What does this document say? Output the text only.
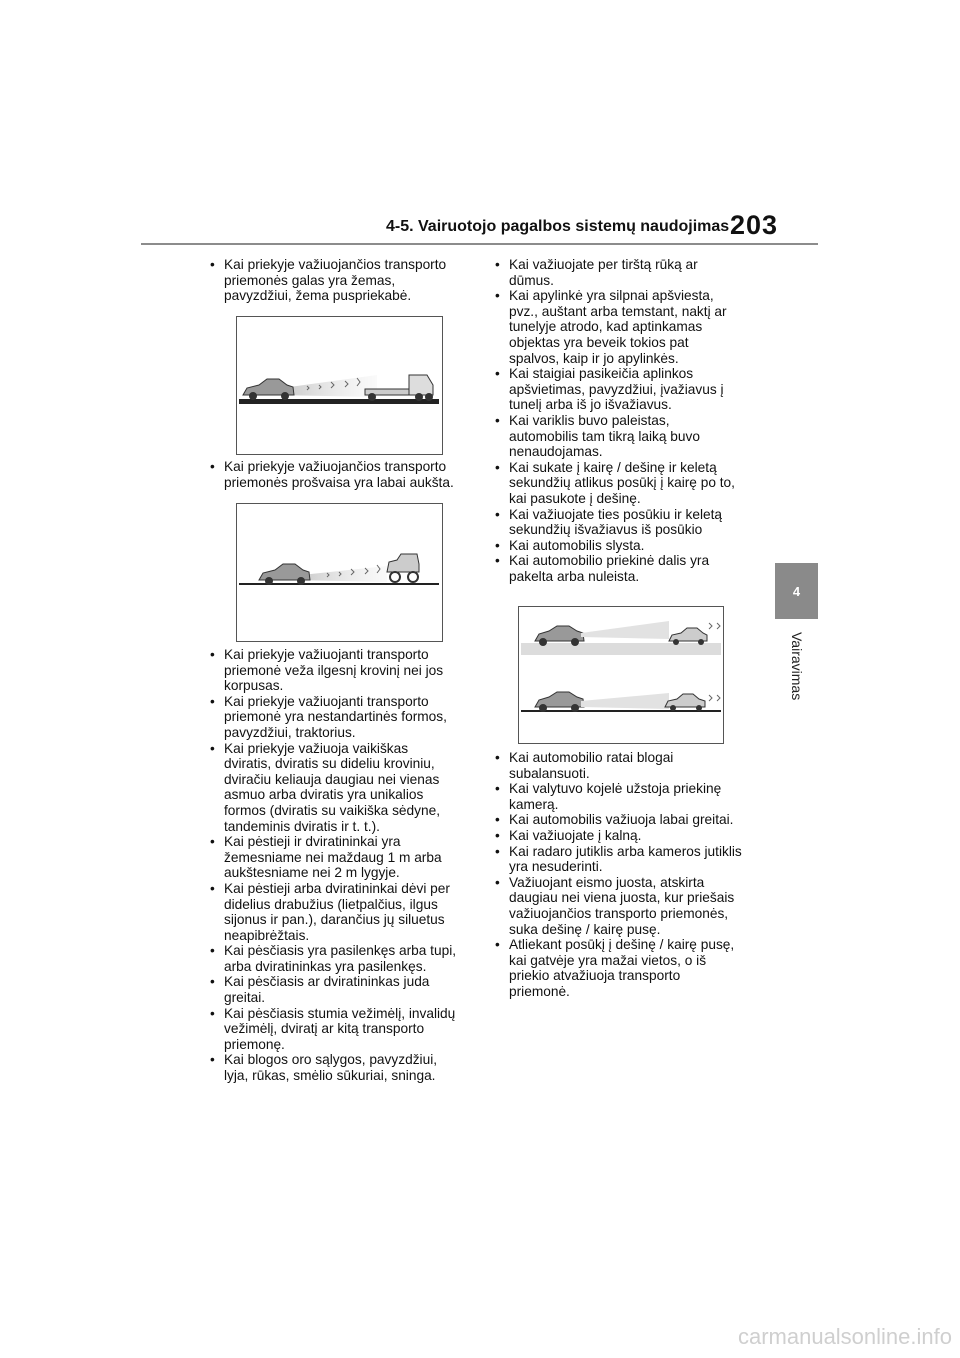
4-5. Vairuotojo pagalbos sistemų naudojimas 203
4
Vairavimas
• Kai priekyje važiuojančios transporto
priemonės galas yra žemas,
pavyzdžiui, žema puspriekabė.
• Kai priekyje važiuojančios transporto
priemonės prošvaisa yra labai aukšta.
• Kai priekyje važiuojanti transporto
priemonė veža ilgesnį krovinį nei jos
korpusas.
• Kai priekyje važiuojanti transporto
priemonė yra nestandartinės formos,
pavyzdžiui, traktorius.
• Kai priekyje važiuoja vaikiškas
dviratis, dviratis su dideliu kroviniu,
dviračiu keliauja daugiau nei vienas
asmuo arba dviratis yra unikalios
formos (dviratis su vaikiška sėdyne,
tandeminis dviratis ir t. t.).
• Kai pėstieji ir dviratininkai yra
žemesniame nei maždaug 1 m arba
aukštesniame nei 2 m lygyje.
• Kai pėstieji arba dviratininkai dėvi per
didelius drabužius (lietpalčius, ilgus
sijonus ir pan.), darančius jų siluetus
neapibrėžtais.
• Kai pėsčiasis yra pasilenkęs arba tupi,
arba dviratininkas yra pasilenkęs.
• Kai pėsčiasis ar dviratininkas juda
greitai.
• Kai pėsčiasis stumia vežimėlį, invalidų
vežimėlį, dviratį ar kitą transporto
priemonę.
• Kai blogos oro sąlygos, pavyzdžiui,
lyja, rūkas, smėlio sūkuriai, sninga.
• Kai važiuojate per tirštą rūką ar
dūmus.
• Kai apylinkė yra silpnai apšviesta,
pvz., auštant arba temstant, naktį ar
tunelyje atrodo, kad aptinkamas
objektas yra beveik tokios pat
spalvos, kaip ir jo apylinkės.
• Kai staigiai pasikeičia aplinkos
apšvietimas, pavyzdžiui, įvažiavus į
tunelį arba iš jo išvažiavus.
• Kai variklis buvo paleistas,
automobilis tam tikrą laiką buvo
nenaudojamas.
• Kai sukate į kairę / dešinę ir keletą
sekundžių atlikus posūkį į kairę po to,
kai pasukote į dešinę.
• Kai važiuojate ties posūkiu ir keletą
sekundžių išvažiavus iš posūkio
• Kai automobilis slysta.
• Kai automobilio priekinė dalis yra
pakelta arba nuleista.
• Kai automobilio ratai blogai
subalansuoti.
• Kai valytuvo kojelė užstoja priekinę
kamerą.
• Kai automobilis važiuoja labai greitai.
• Kai važiuojate į kalną.
• Kai radaro jutiklis arba kameros jutiklis
yra nesuderinti.
• Važiuojant eismo juosta, atskirta
daugiau nei viena juosta, kur priešais
važiuojančios transporto priemonės,
suka dešinę / kairę pusę.
• Atliekant posūkį į dešinę / kairę pusę,
kai gatvėje yra mažai vietos, o iš
priekio atvažiuoja transporto
priemonė.
carmanualsonline.info
